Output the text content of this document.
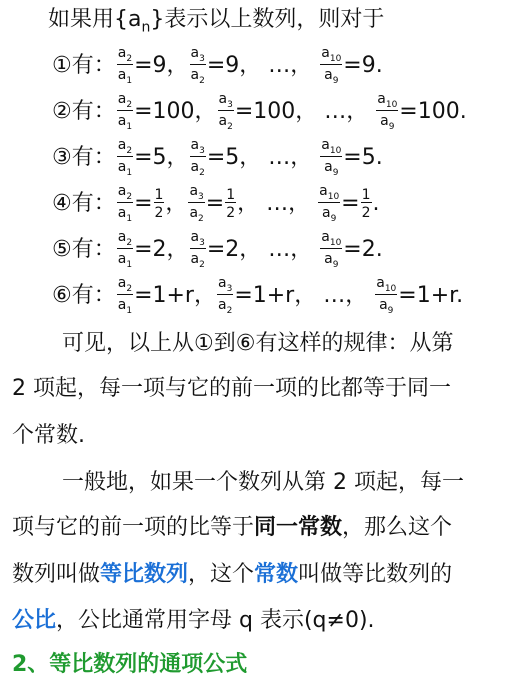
如果用$\{a_n\}$表示以上数列，则对于
①有： $\frac{a_2}{a_1} =9$， $\frac{a_3}{a_2} =9$， …， $\frac{a_{10}}{a_9} =9$.
②有： $\frac{a_2}{a_1} =100$， $\frac{a_3}{a_2} =100$， …， $\frac{a_{10}}{a_9} =100$.
③有： $\frac{a_2}{a_1} =5$， $\frac{a_3}{a_2} =5$， …， $\frac{a_{10}}{a_9} =5$.
④有： $\frac{a_2}{a_1} = \frac{1}{2}$ ， $\frac{a_3}{a_2} = \frac{1}{2}$ ， …， $\frac{a_{10}}{a_9} = \frac{1}{2}$ .
⑤有： $\frac{a_2}{a_1} =2$， $\frac{a_3}{a_2} =2$， …， $\frac{a_{10}}{a_9} =2$.
⑥有： $\frac{a_2}{a_1} =1+r$， $\frac{a_3}{a_2} =1+r$， …， $\frac{a_{10}}{a_9} =1+r$.
可见，以上从①到⑥有这样的规律：从第
2 项起，每一项与它的前一项的比都等于同一
个常数.
一般地，如果一个数列从第 2 项起，每一
项与它的前一项的比等于同一常数，那么这个
数列叫做等比数列，这个常数叫做等比数列的
公比，公比通常用字母 q 表示(q≠0).
2、等比数列的通项公式
